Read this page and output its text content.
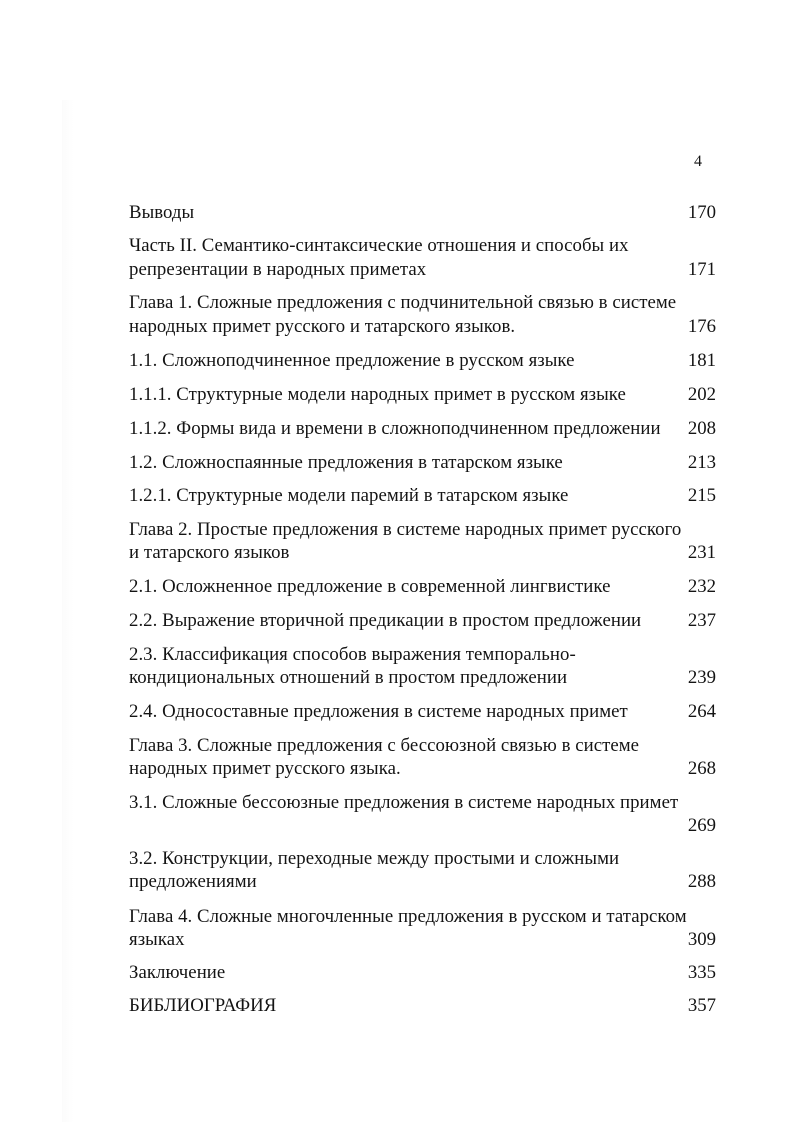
4
Выводы	170
Часть II. Семантико-синтаксические отношения и способы их
репрезентации в народных приметах	171
Глава 1. Сложные предложения с подчинительной связью в системе
народных примет русского и татарского языков.	176
1.1. Сложноподчиненное предложение в русском языке	181
1.1.1. Структурные модели народных примет в русском языке	202
1.1.2. Формы вида и времени в сложноподчиненном предложении 208
1.2. Сложноспаянные предложения в татарском языке	213
1.2.1. Структурные модели паремий в татарском языке	215
Глава 2. Простые предложения в системе народных примет русского
и татарского языков	231
2.1. Осложненное предложение в современной лингвистике	232
2.2. Выражение вторичной предикации в простом предложении 237
2.3. Классификация способов выражения темпорально-
кондициональных отношений в простом предложении	239
2.4. Односоставные предложения в системе народных примет	264
Глава 3. Сложные предложения с бессоюзной связью в системе
народных примет русского языка.	268
3.1. Сложные бессоюзные предложения в системе народных примет
269
3.2. Конструкции, переходные между простыми и сложными
предложениями	288
Глава 4. Сложные многочленные предложения в русском и татарском
языках	309
Заключение	335
БИБЛИОГРАФИЯ	357
